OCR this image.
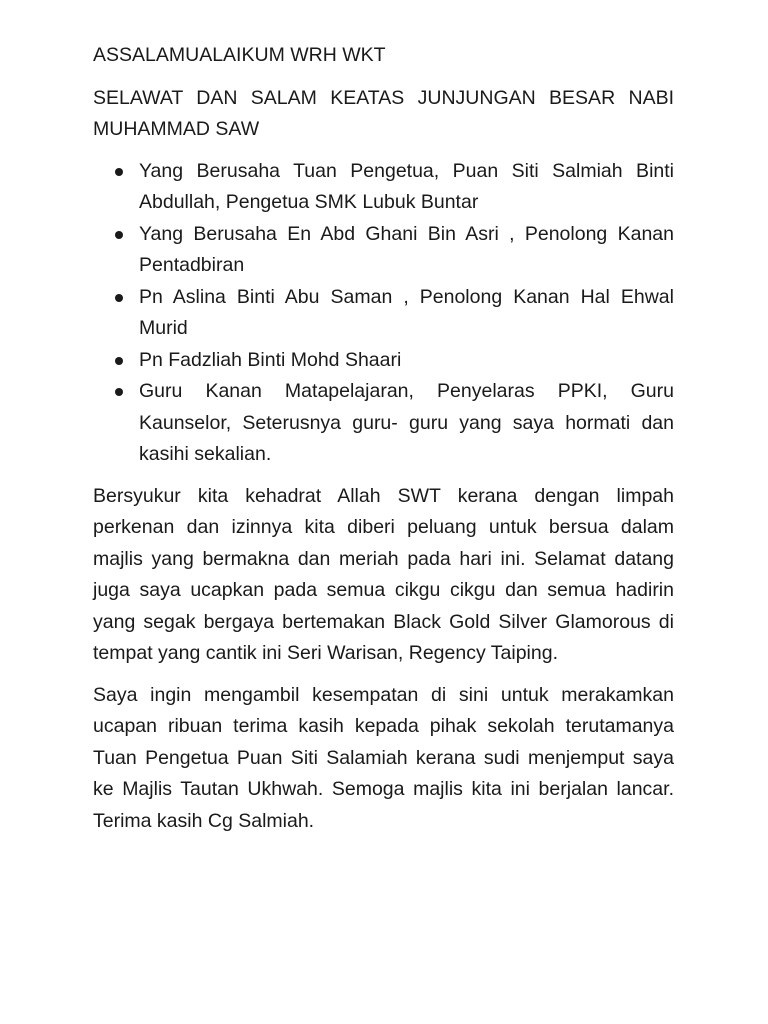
ASSALAMUALAIKUM WRH WKT

SELAWAT DAN SALAM KEATAS JUNJUNGAN BESAR NABI MUHAMMAD SAW

Yang Berusaha Tuan Pengetua, Puan Siti Salmiah Binti Abdullah, Pengetua SMK Lubuk Buntar
Yang Berusaha En Abd Ghani Bin Asri , Penolong Kanan Pentadbiran
Pn Aslina Binti Abu Saman , Penolong Kanan Hal Ehwal Murid
Pn Fadzliah Binti Mohd Shaari
Guru Kanan Matapelajaran, Penyelaras PPKI, Guru Kaunselor, Seterusnya guru- guru yang saya hormati dan kasihi sekalian.

Bersyukur kita kehadrat Allah SWT kerana dengan limpah perkenan dan izinnya kita diberi peluang untuk bersua dalam majlis yang bermakna dan meriah pada hari ini. Selamat datang juga saya ucapkan pada semua cikgu cikgu dan semua hadirin yang segak bergaya bertemakan Black Gold Silver Glamorous di tempat yang cantik ini Seri Warisan, Regency Taiping.

Saya ingin mengambil kesempatan di sini untuk merakamkan ucapan ribuan terima kasih kepada pihak sekolah terutamanya Tuan Pengetua Puan Siti Salamiah kerana sudi menjemput saya ke Majlis Tautan Ukhwah. Semoga majlis kita ini berjalan lancar. Terima kasih Cg Salmiah.
